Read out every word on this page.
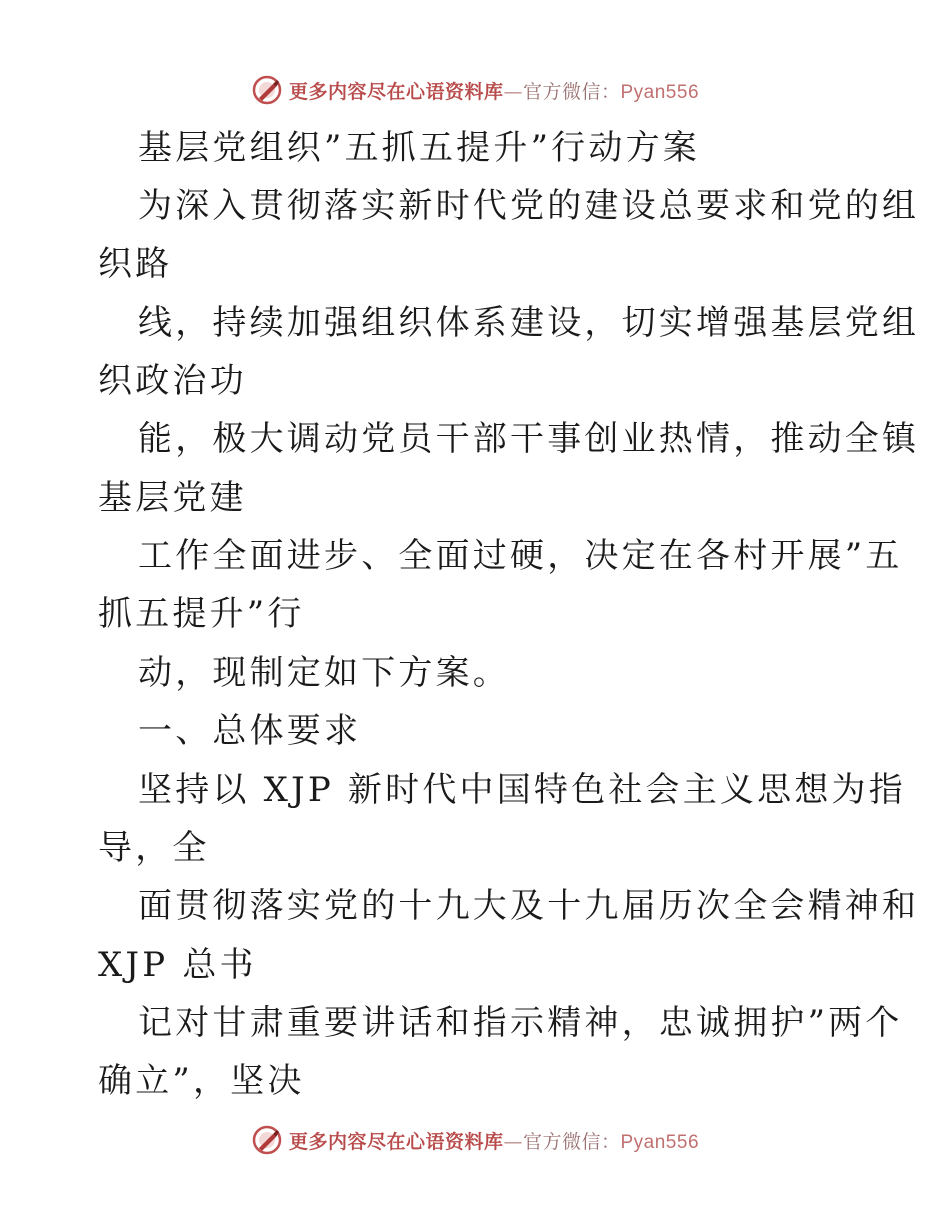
更多内容尽在心语资料库—官方微信：Pyan556
基层党组织”五抓五提升”行动方案
为深入贯彻落实新时代党的建设总要求和党的组
织路
线，持续加强组织体系建设，切实增强基层党组
织政治功
能，极大调动党员干部干事创业热情，推动全镇
基层党建
工作全面进步、全面过硬，决定在各村开展”五
抓五提升”行
动，现制定如下方案。
一、总体要求
坚持以 XJP 新时代中国特色社会主义思想为指
导，全
面贯彻落实党的十九大及十九届历次全会精神和
XJP 总书
记对甘肃重要讲话和指示精神，忠诚拥护”两个
确立”，坚决
更多内容尽在心语资料库—官方微信：Pyan556
